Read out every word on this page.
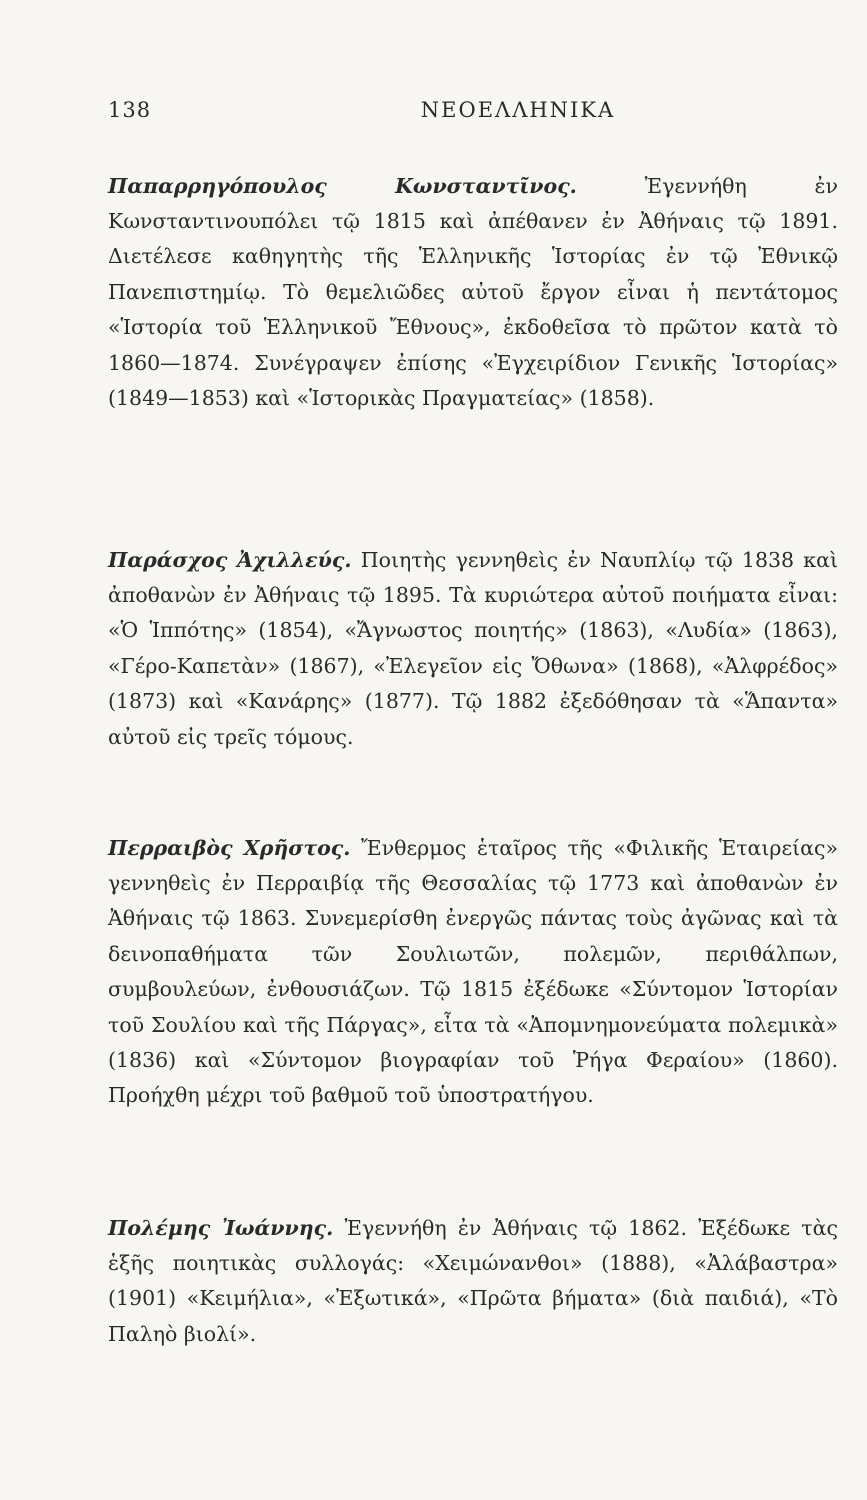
138	ΝΕΟΕΛΛΗΝΙΚΑ

Παπαρρηγόπουλος Κωνσταντῖνος.	Ἐγεννήθη ἐν Κωνσταντινουπόλει τῷ 1815 καὶ ἀπέθανεν ἐν Ἀθήναις τῷ 1891. Διετέλεσε καθηγητὴς τῆς Ἑλληνικῆς Ἱστορίας ἐν τῷ Ἐθνικῷ Πανεπιστημίῳ. Τὸ θεμελιῶδες αὐτοῦ ἔργον εἶναι ἡ πεντάτομος «Ἱστορία τοῦ Ἑλληνικοῦ Ἔθνους», ἐκδοθεῖσα τὸ πρῶτον κατὰ τὸ 1860—1874. Συνέγραψεν ἐπίσης «Ἐγχειρίδιον Γενικῆς Ἱστορίας» (1849—1853) καὶ «Ἱστορικὰς Πραγματείας» (1858).

Παράσχος Ἀχιλλεύς. Ποιητὴς γεννηθεὶς ἐν Ναυπλίῳ τῷ 1838 καὶ ἀποθανὼν ἐν Ἀθήναις τῷ 1895. Τὰ κυριώτερα αὐτοῦ ποιήματα εἶναι: «Ὁ Ἱππότης» (1854), «Ἄγνωστος ποιητής» (1863), «Λυδία» (1863), «Γέρο-Καπετὰν» (1867), «Ἐλεγεῖον εἰς Ὄθωνα» (1868), «Ἀλφρέδος» (1873) καὶ «Κανάρης» (1877). Τῷ 1882 ἐξεδόθησαν τὰ «Ἅπαντα» αὐτοῦ εἰς τρεῖς τόμους.

Περραιβὸς Χρῆστος. Ἔνθερμος ἑταῖρος τῆς «Φιλικῆς Ἑταιρείας» γεννηθεὶς ἐν Περραιβίᾳ τῆς Θεσσαλίας τῷ 1773 καὶ ἀποθανὼν ἐν Ἀθήναις τῷ 1863. Συνεμερίσθη ἐνεργῶς πάντας τοὺς ἀγῶνας καὶ τὰ δεινοπαθήματα τῶν Σουλιωτῶν, πολεμῶν, περιθάλπων, συμβουλεύων, ἐνθουσιάζων. Τῷ 1815 ἐξέδωκε «Σύντομον Ἱστορίαν τοῦ Σουλίου καὶ τῆς Πάργας», εἶτα τὰ «Ἀπομνημονεύματα πολεμικὰ» (1836) καὶ «Σύντομον βιογραφίαν τοῦ Ῥήγα Φεραίου» (1860). Προήχθη μέχρι τοῦ βαθμοῦ τοῦ ὑποστρατήγου.

Πολέμης Ἰωάννης. Ἐγεννήθη ἐν Ἀθήναις τῷ 1862. Ἐξέδωκε τὰς ἑξῆς ποιητικὰς συλλογάς: «Χειμώνανθοι» (1888), «Ἀλάβαστρα» (1901) «Κειμήλια», «Ἐξωτικά», «Πρῶτα βήματα» (διὰ παιδιά), «Τὸ Παληὸ βιολί».
